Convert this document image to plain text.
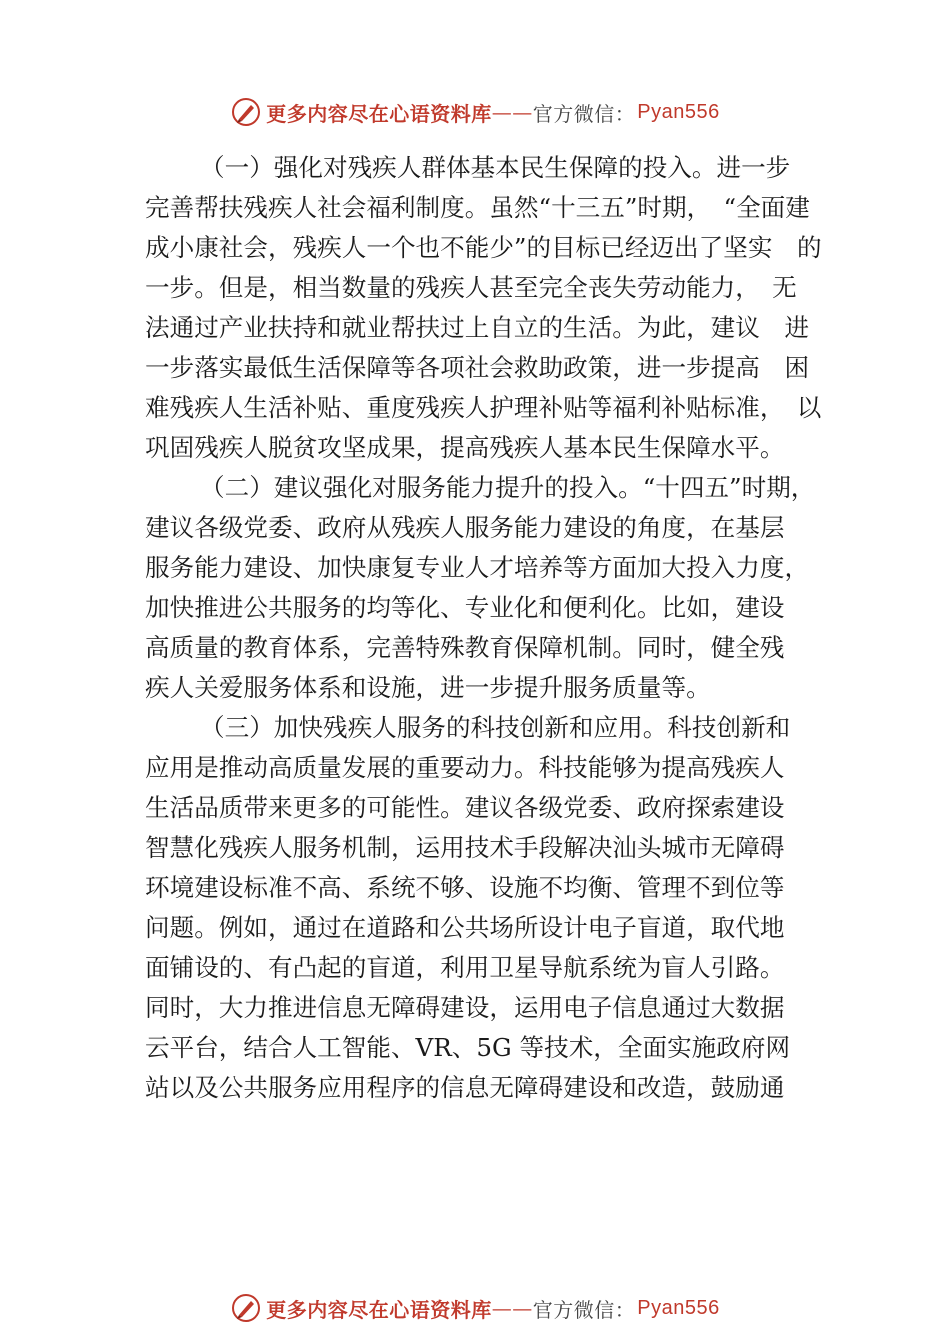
更多内容尽在心语资料库 —— 官方微信： Pyan556

（一）强化对残疾人群体基本民生保障的投入。进一步

完善帮扶残疾人社会福利制度。虽然“十三五”时期，　“全面建

成小康社会，残疾人一个也不能少”的目标已经迈出了坚实　的

一步。但是，相当数量的残疾人甚至完全丧失劳动能力，　无

法通过产业扶持和就业帮扶过上自立的生活。为此，建议　进

一步落实最低生活保障等各项社会救助政策，进一步提高　困

难残疾人生活补贴、重度残疾人护理补贴等福利补贴标准，　以

巩固残疾人脱贫攻坚成果，提高残疾人基本民生保障水平。

（二）建议强化对服务能力提升的投入。“十四五”时期，

建议各级党委、政府从残疾人服务能力建设的角度，在基层

服务能力建设、加快康复专业人才培养等方面加大投入力度，

加快推进公共服务的均等化、专业化和便利化。比如，建设

高质量的教育体系，完善特殊教育保障机制。同时，健全残

疾人关爱服务体系和设施，进一步提升服务质量等。

（三）加快残疾人服务的科技创新和应用。科技创新和

应用是推动高质量发展的重要动力。科技能够为提高残疾人

生活品质带来更多的可能性。建议各级党委、政府探索建设

智慧化残疾人服务机制，运用技术手段解决汕头城市无障碍

环境建设标准不高、系统不够、设施不均衡、管理不到位等

问题。例如，通过在道路和公共场所设计电子盲道，取代地

面铺设的、有凸起的盲道，利用卫星导航系统为盲人引路。

同时，大力推进信息无障碍建设，运用电子信息通过大数据

云平台，结合人工智能、VR、5G 等技术，全面实施政府网

站以及公共服务应用程序的信息无障碍建设和改造，鼓励通

更多内容尽在心语资料库 —— 官方微信： Pyan556
